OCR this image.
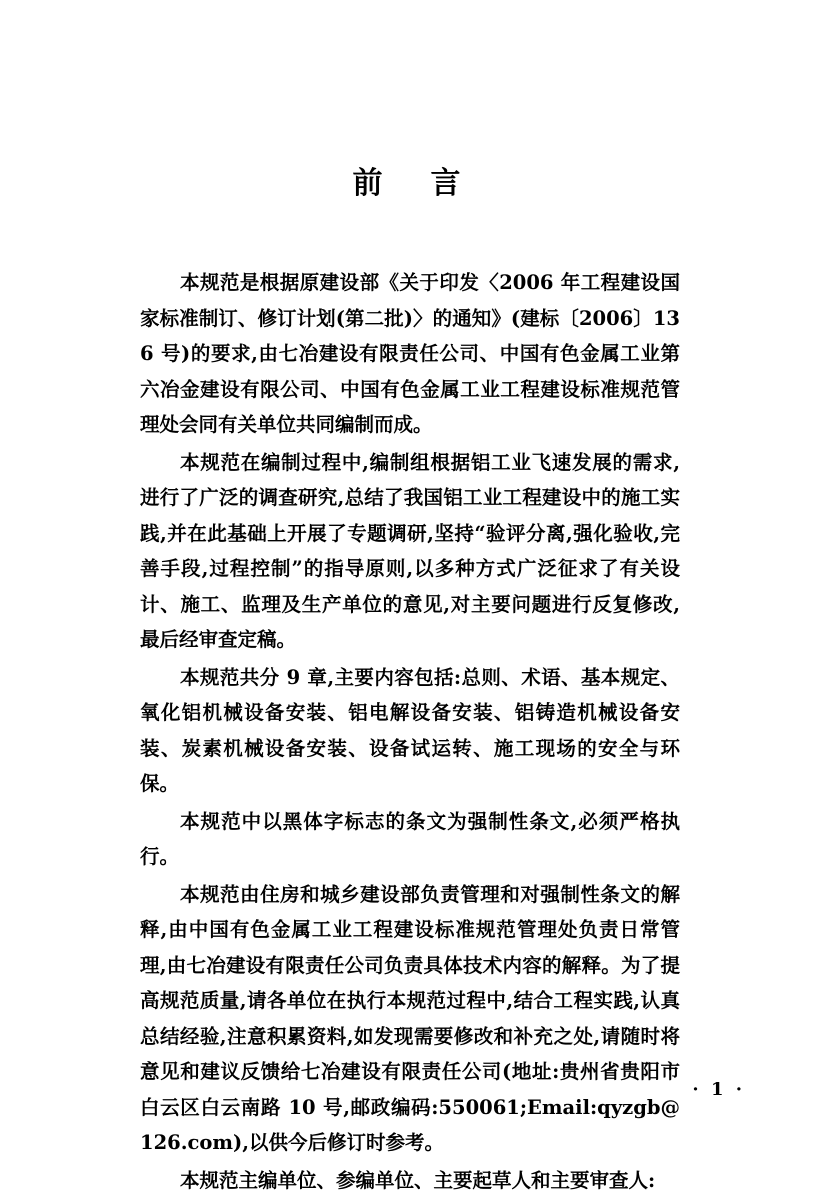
前 言

本规范是根据原建设部《关于印发〈2006 年工程建设国家标准制订、修订计划(第二批)〉的通知》(建标〔2006〕136 号)的要求,由七冶建设有限责任公司、中国有色金属工业第六冶金建设有限公司、中国有色金属工业工程建设标准规范管理处会同有关单位共同编制而成。

本规范在编制过程中,编制组根据铝工业飞速发展的需求,进行了广泛的调查研究,总结了我国铝工业工程建设中的施工实践,并在此基础上开展了专题调研,坚持“验评分离,强化验收,完善手段,过程控制”的指导原则,以多种方式广泛征求了有关设计、施工、监理及生产单位的意见,对主要问题进行反复修改,最后经审查定稿。

本规范共分 9 章,主要内容包括:总则、术语、基本规定、氧化铝机械设备安装、铝电解设备安装、铝铸造机械设备安装、炭素机械设备安装、设备试运转、施工现场的安全与环保。

本规范中以黑体字标志的条文为强制性条文,必须严格执行。

本规范由住房和城乡建设部负责管理和对强制性条文的解释,由中国有色金属工业工程建设标准规范管理处负责日常管理,由七冶建设有限责任公司负责具体技术内容的解释。为了提高规范质量,请各单位在执行本规范过程中,结合工程实践,认真总结经验,注意积累资料,如发现需要修改和补充之处,请随时将意见和建议反馈给七冶建设有限责任公司(地址:贵州省贵阳市白云区白云南路 10 号,邮政编码:550061;Email:qyzgb@126.com),以供今后修订时参考。

本规范主编单位、参编单位、主要起草人和主要审查人:

· 1 ·
